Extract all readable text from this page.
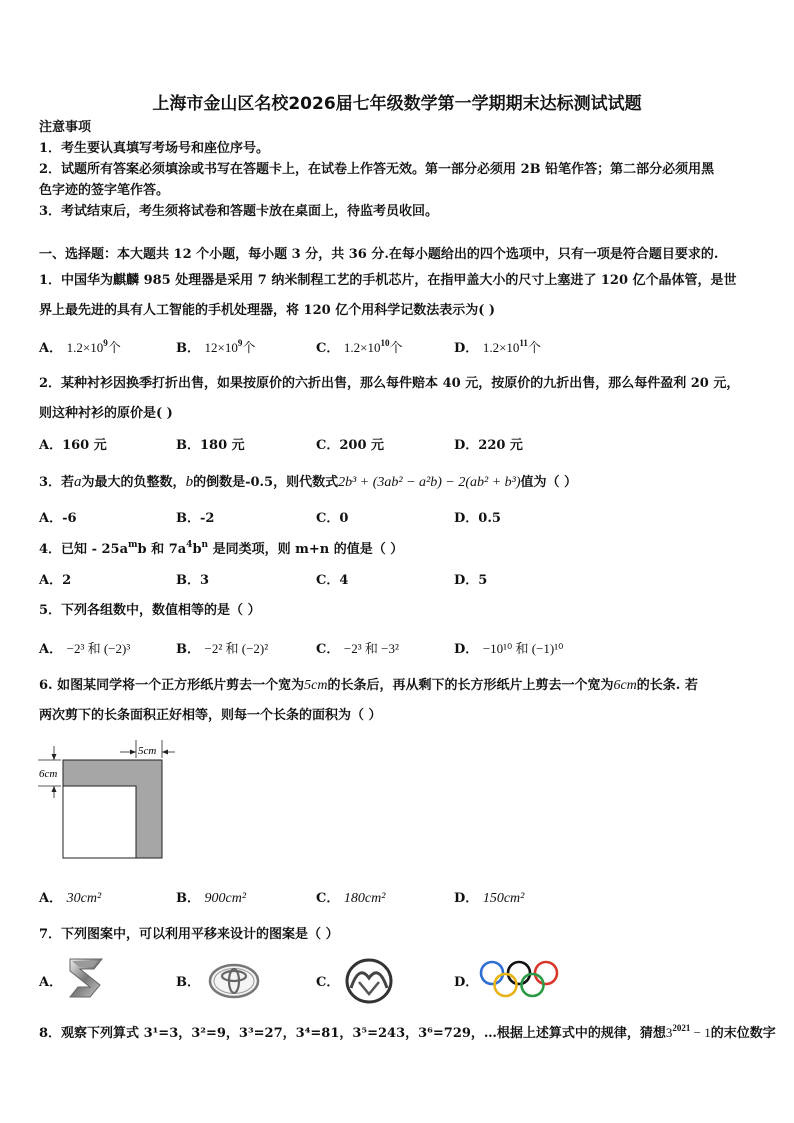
上海市金山区名校2026届七年级数学第一学期期末达标测试试题
注意事项
1．考生要认真填写考场号和座位序号。
2．试题所有答案必须填涂或书写在答题卡上，在试卷上作答无效。第一部分必须用 2B 铅笔作答；第二部分必须用黑
色字迹的签字笔作答。
3．考试结束后，考生须将试卷和答题卡放在桌面上，待监考员收回。
一、选择题：本大题共 12 个小题，每小题 3 分，共 36 分.在每小题给出的四个选项中，只有一项是符合题目要求的.
1．中国华为麒麟 985 处理器是采用 7 纳米制程工艺的手机芯片，在指甲盖大小的尺寸上塞进了 120 亿个晶体管，是世
界上最先进的具有人工智能的手机处理器，将 120 亿个用科学记数法表示为( )
A． $1.2\times 10^9$个	B． $12\times 10^9$个	C． $1.2\times 10^{10}$个	D． $1.2\times 10^{11}$个
2．某种衬衫因换季打折出售，如果按原价的六折出售，那么每件赔本 40 元，按原价的九折出售，那么每件盈利 20 元，
则这种衬衫的原价是( )
A．160 元	B．180 元	C．200 元	D．220 元
3．若a为最大的负整数，b的倒数是-0.5，则代数式2b³ + (3ab² − a²b) − 2(ab² + b³)值为（ ）
A．-6	B．-2	C．0	D．0.5
4．已知 - $25a^mb$ 和 $7a^4b^n$ 是同类项，则 m+n 的值是（ ）
A．2	B．3	C．4	D．5
5．下列各组数中，数值相等的是（ ）
A． −2³ 和 (−2)³	B． −2² 和 (−2)²	C． −2³ 和 −3²	D． −10¹⁰ 和 (−1)¹⁰
6. 如图某同学将一个正方形纸片剪去一个宽为5cm的长条后，再从剩下的长方形纸片上剪去一个宽为6cm的长条. 若
两次剪下的长条面积正好相等，则每一个长条的面积为（ ）
5cm
6cm
A． 30cm²	B． 900cm²	C． 180cm²	D． 150cm²
7．下列图案中，可以利用平移来设计的图案是（ ）
A．	B．	C．	D．
8．观察下列算式 3¹=3，3²=9，3³=27，3⁴=81，3⁵=243，3⁶=729，…根据上述算式中的规律，猜想$3^{2021} - 1$的末位数字
